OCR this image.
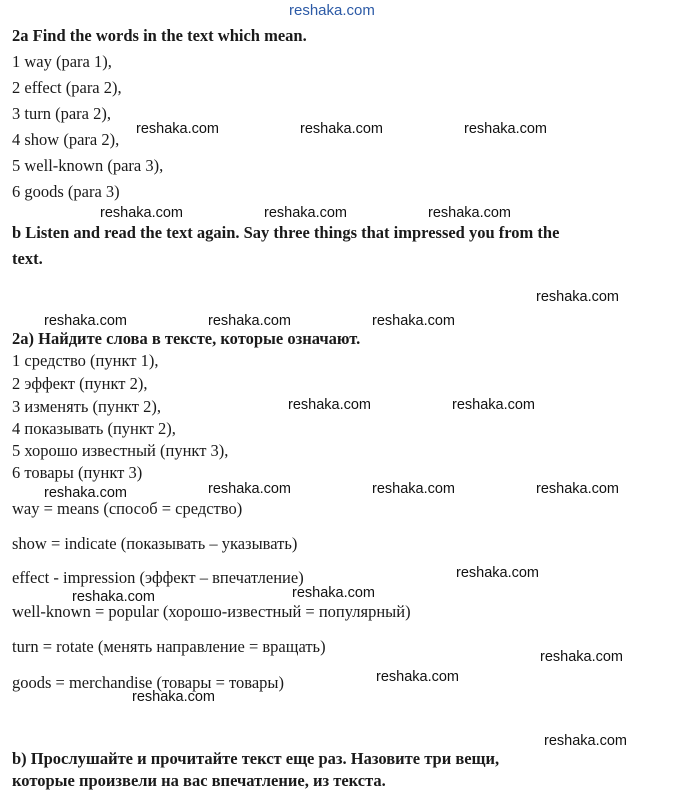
reshaka.com
2a Find the words in the text which mean.
1 way (para 1),
2 effect (para 2),
3 turn (para 2),
4 show (para 2),
5 well-known (para 3),
6 goods (para 3)
b Listen and read the text again. Say three things that impressed you from the
text.
2a) Найдите слова в тексте, которые означают.
1 средство (пункт 1),
2 эффект (пункт 2),
3 изменять (пункт 2),
4 показывать (пункт 2),
5 хорошо известный (пункт 3),
6 товары (пункт 3)
way = means (способ = средство)
show = indicate (показывать – указывать)
effect - impression (эффект – впечатление)
well-known = popular (хорошо-известный = популярный)
turn = rotate (менять направление = вращать)
goods = merchandise (товары = товары)
b) Прослушайте и прочитайте текст еще раз. Назовите три вещи,
которые произвели на вас впечатление, из текста.
reshaka.com	reshaka.com	reshaka.com
reshaka.com	reshaka.com	reshaka.com
reshaka.com
reshaka.com	reshaka.com	reshaka.com
reshaka.com	reshaka.com
reshaka.com	reshaka.com	reshaka.com	reshaka.com
reshaka.com
reshaka.com	reshaka.com
reshaka.com
reshaka.com
reshaka.com
reshaka.com
